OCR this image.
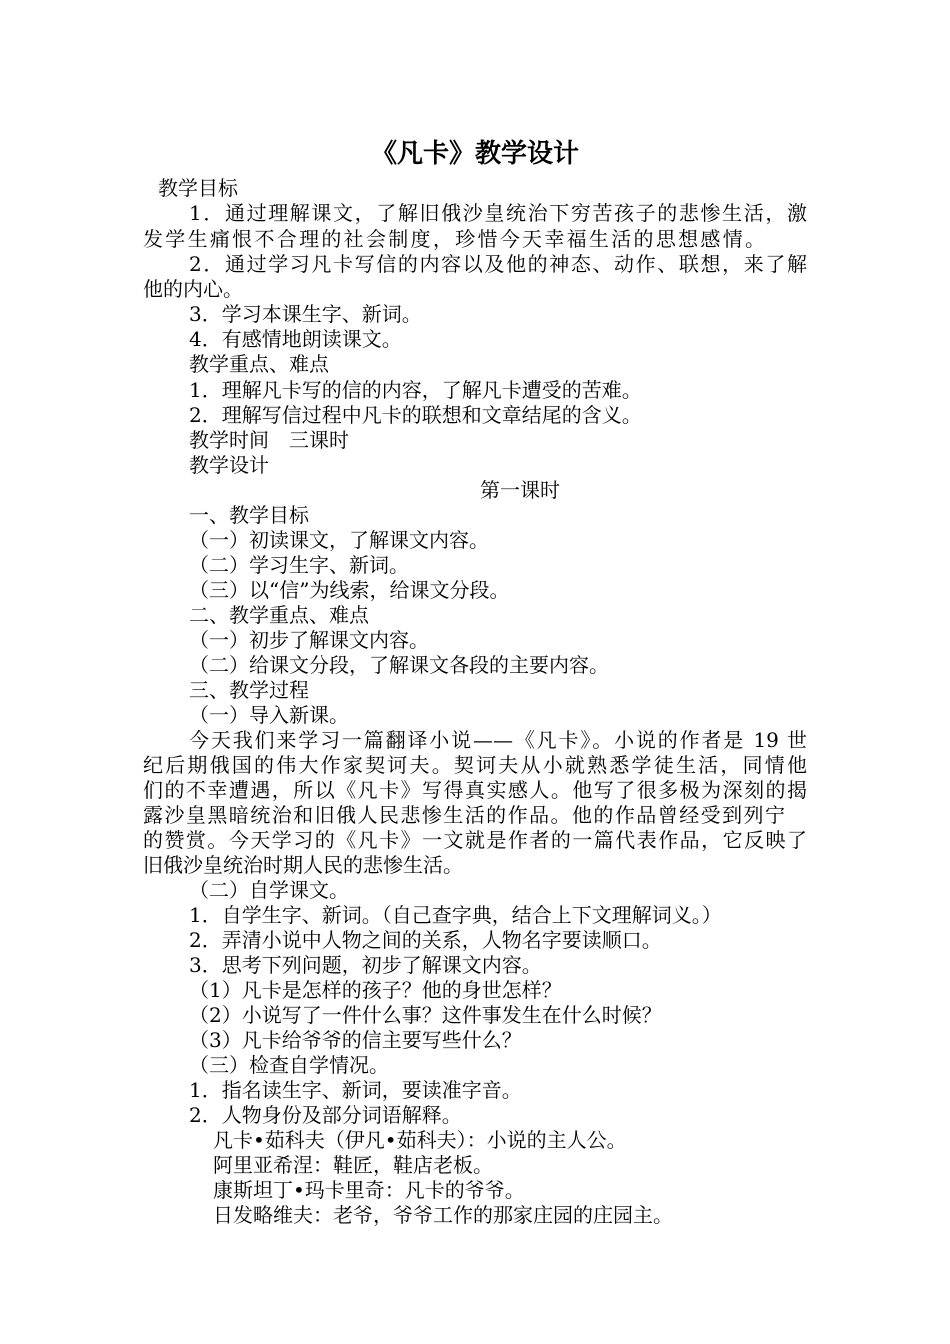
《凡卡》教学设计
教学目标
1．通过理解课文，了解旧俄沙皇统治下穷苦孩子的悲惨生活，激
发学生痛恨不合理的社会制度，珍惜今天幸福生活的思想感情。
2．通过学习凡卡写信的内容以及他的神态、动作、联想，来了解
他的内心。
3．学习本课生字、新词。
4．有感情地朗读课文。
教学重点、难点
1．理解凡卡写的信的内容，了解凡卡遭受的苦难。
2．理解写信过程中凡卡的联想和文章结尾的含义。
教学时间　三课时
教学设计
第一课时
一、教学目标
（一）初读课文，了解课文内容。
（二）学习生字、新词。
（三）以“信”为线索，给课文分段。
二、教学重点、难点
（一）初步了解课文内容。
（二）给课文分段，了解课文各段的主要内容。
三、教学过程
（一）导入新课。
今天我们来学习一篇翻译小说——《凡卡》。小说的作者是 19 世
纪后期俄国的伟大作家契诃夫。契诃夫从小就熟悉学徒生活，同情他
们的不幸遭遇，所以《凡卡》写得真实感人。他写了很多极为深刻的揭
露沙皇黑暗统治和旧俄人民悲惨生活的作品。他的作品曾经受到列宁
的赞赏。今天学习的《凡卡》一文就是作者的一篇代表作品，它反映了
旧俄沙皇统治时期人民的悲惨生活。
（二）自学课文。
1．自学生字、新词。（自己查字典，结合上下文理解词义。）
2．弄清小说中人物之间的关系，人物名字要读顺口。
3．思考下列问题，初步了解课文内容。
（1）凡卡是怎样的孩子？他的身世怎样？
（2）小说写了一件什么事？这件事发生在什么时候？
（3）凡卡给爷爷的信主要写些什么？
（三）检查自学情况。
1．指名读生字、新词，要读准字音。
2．人物身份及部分词语解释。
凡卡•茹科夫（伊凡•茹科夫）：小说的主人公。
阿里亚希涅：鞋匠，鞋店老板。
康斯坦丁•玛卡里奇：凡卡的爷爷。
日发略维夫：老爷，爷爷工作的那家庄园的庄园主。
